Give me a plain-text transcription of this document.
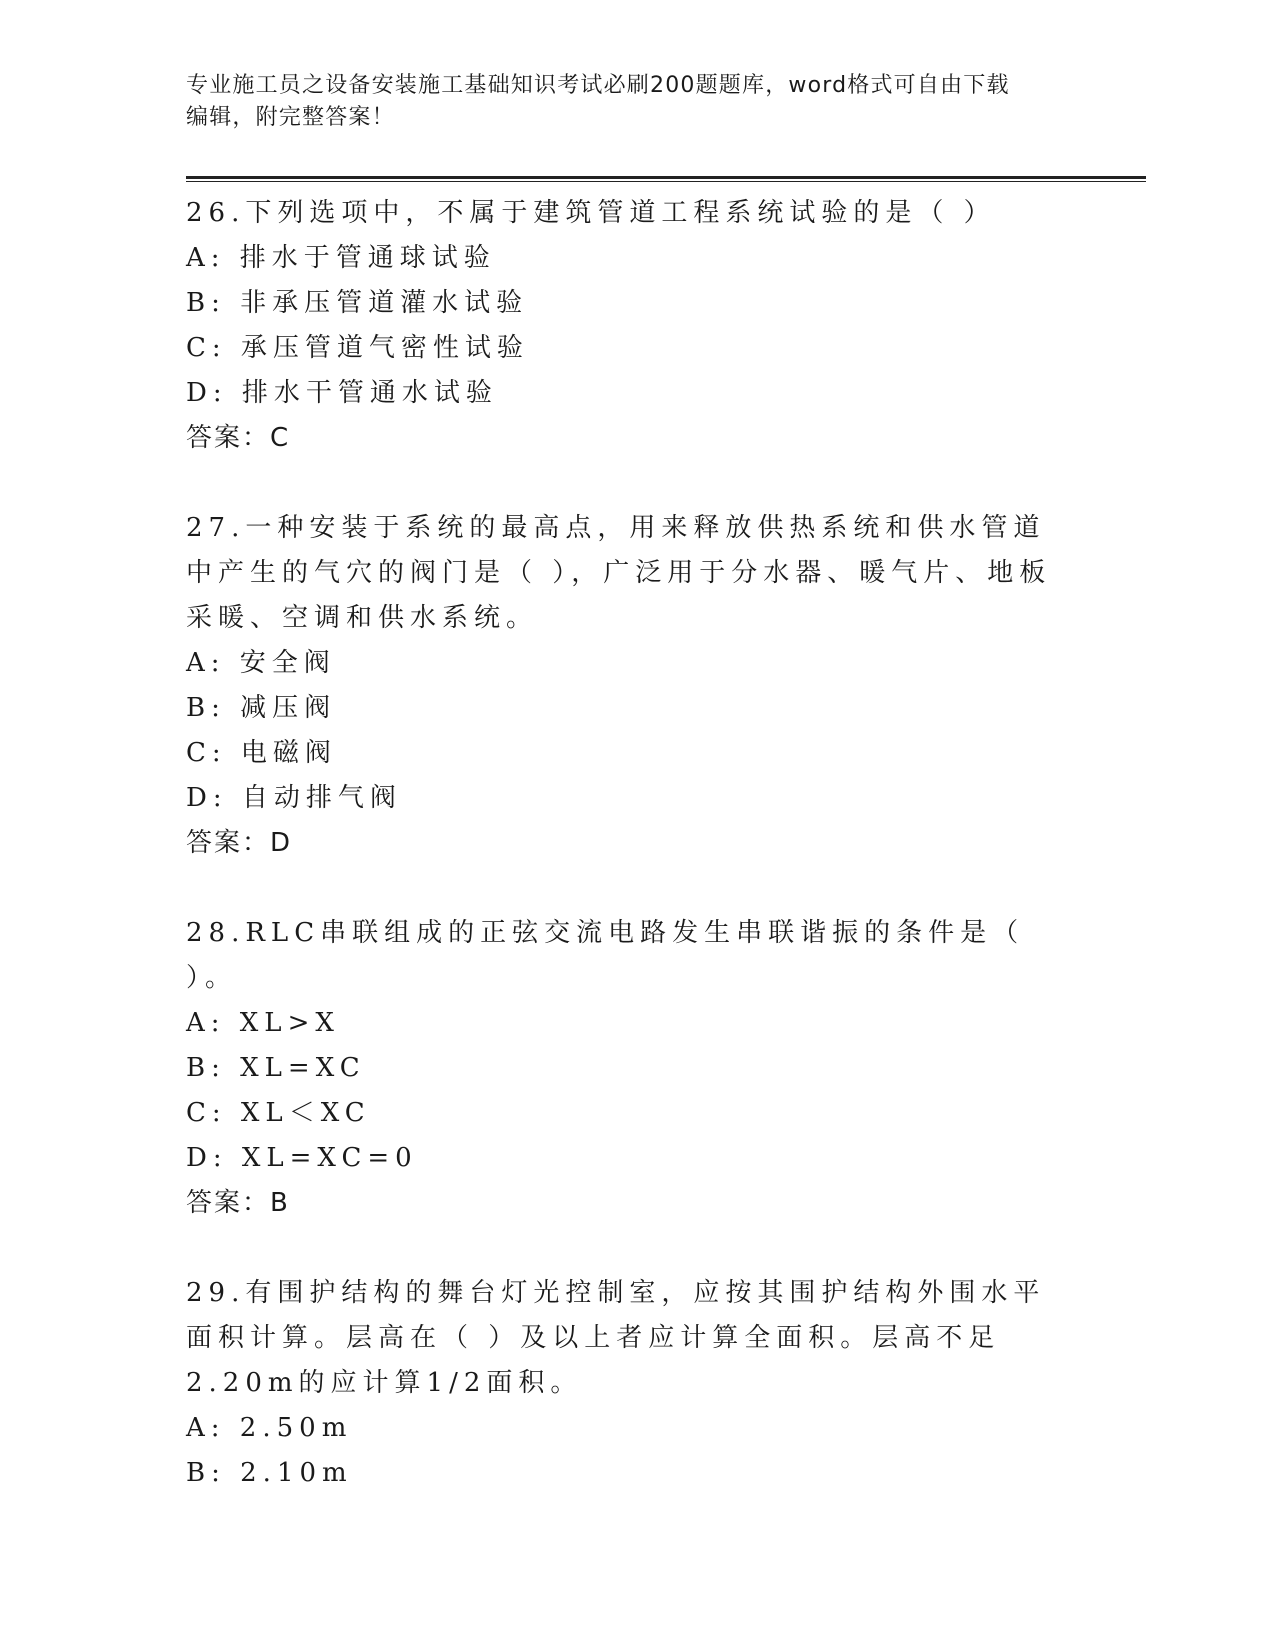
专业施工员之设备安装施工基础知识考试必刷200题题库，word格式可自由下载
编辑，附完整答案！

26.下列选项中，不属于建筑管道工程系统试验的是（ ）

A: 排水于管通球试验

B: 非承压管道灌水试验

C: 承压管道气密性试验

D: 排水干管通水试验

答案：C

27.一种安装于系统的最高点，用来释放供热系统和供水管道中产生的气穴的阀门是（ ），广泛用于分水器、暖气片、地板采暖、空调和供水系统。

A: 安全阀

B: 减压阀

C: 电磁阀

D: 自动排气阀

答案：D

28.RLC串联组成的正弦交流电路发生串联谐振的条件是（ ）。

A: XL>X

B: XL=XC

C: XL＜XC

D: XL=XC=0

答案：B

29.有围护结构的舞台灯光控制室，应按其围护结构外围水平面积计算。层高在（ ）及以上者应计算全面积。层高不足2.20m的应计算1/2面积。

A: 2.50m

B: 2.10m
